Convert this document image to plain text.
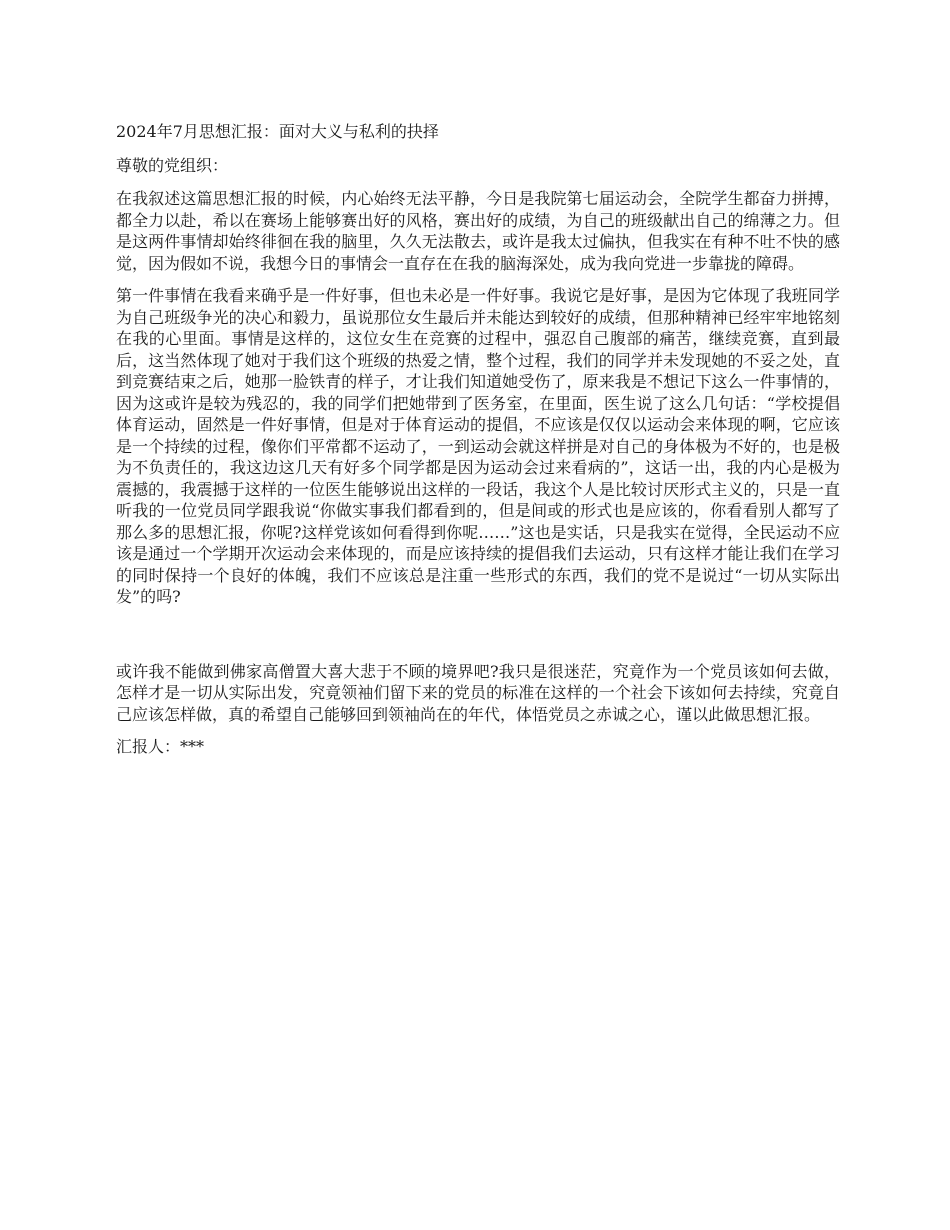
2024年7月思想汇报：面对大义与私利的抉择

尊敬的党组织：

在我叙述这篇思想汇报的时候，内心始终无法平静，今日是我院第七届运动会，全院学生都奋力拼搏，都全力以赴，希以在赛场上能够赛出好的风格，赛出好的成绩，为自己的班级献出自己的绵薄之力。但是这两件事情却始终徘徊在我的脑里，久久无法散去，或许是我太过偏执，但我实在有种不吐不快的感觉，因为假如不说，我想今日的事情会一直存在在我的脑海深处，成为我向党进一步靠拢的障碍。

第一件事情在我看来确乎是一件好事，但也未必是一件好事。我说它是好事，是因为它体现了我班同学为自己班级争光的决心和毅力，虽说那位女生最后并未能达到较好的成绩，但那种精神已经牢牢地铭刻在我的心里面。事情是这样的，这位女生在竞赛的过程中，强忍自己腹部的痛苦，继续竞赛，直到最后，这当然体现了她对于我们这个班级的热爱之情，整个过程，我们的同学并未发现她的不妥之处，直到竞赛结束之后，她那一脸铁青的样子，才让我们知道她受伤了，原来我是不想记下这么一件事情的，因为这或许是较为残忍的，我的同学们把她带到了医务室，在里面，医生说了这么几句话：“学校提倡体育运动，固然是一件好事情，但是对于体育运动的提倡，不应该是仅仅以运动会来体现的啊，它应该是一个持续的过程，像你们平常都不运动了，一到运动会就这样拼是对自己的身体极为不好的，也是极为不负责任的，我这边这几天有好多个同学都是因为运动会过来看病的”，这话一出，我的内心是极为震撼的，我震撼于这样的一位医生能够说出这样的一段话，我这个人是比较讨厌形式主义的，只是一直听我的一位党员同学跟我说“你做实事我们都看到的，但是间或的形式也是应该的，你看看别人都写了那么多的思想汇报，你呢?这样党该如何看得到你呢……”这也是实话，只是我实在觉得，全民运动不应该是通过一个学期开次运动会来体现的，而是应该持续的提倡我们去运动，只有这样才能让我们在学习的同时保持一个良好的体魄，我们不应该总是注重一些形式的东西，我们的党不是说过“一切从实际出发”的吗?

或许我不能做到佛家高僧置大喜大悲于不顾的境界吧?我只是很迷茫，究竟作为一个党员该如何去做，怎样才是一切从实际出发，究竟领袖们留下来的党员的标准在这样的一个社会下该如何去持续，究竟自己应该怎样做，真的希望自己能够回到领袖尚在的年代，体悟党员之赤诚之心，谨以此做思想汇报。

汇报人：***
